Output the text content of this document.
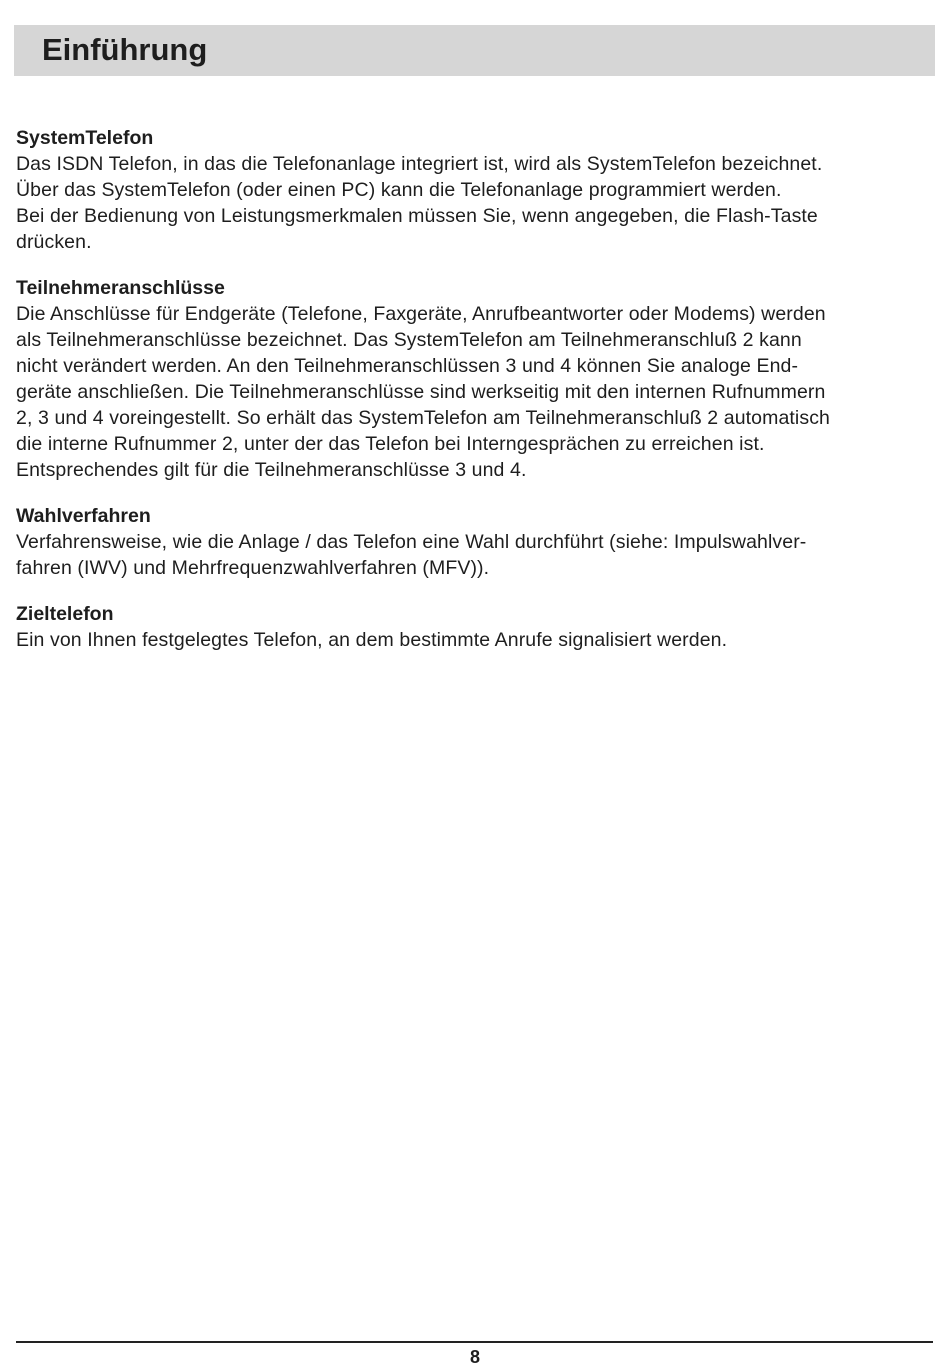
Einführung

SystemTelefon

Das ISDN Telefon, in das die Telefonanlage integriert ist, wird als SystemTelefon bezeichnet.
Über das SystemTelefon (oder einen PC) kann die Telefonanlage programmiert werden.
Bei der Bedienung von Leistungsmerkmalen müssen Sie, wenn angegeben, die Flash-Taste
drücken.

Teilnehmeranschlüsse

Die Anschlüsse für Endgeräte (Telefone, Faxgeräte, Anrufbeantworter oder Modems) werden
als Teilnehmeranschlüsse bezeichnet. Das SystemTelefon am Teilnehmeranschluß 2 kann
nicht verändert werden. An den Teilnehmeranschlüssen 3 und 4 können Sie analoge End-
geräte anschließen. Die Teilnehmeranschlüsse sind werkseitig mit den internen Rufnummern
2, 3 und 4 voreingestellt. So erhält das SystemTelefon am Teilnehmeranschluß 2 automatisch
die interne Rufnummer 2, unter der das Telefon bei Interngesprächen zu erreichen ist.
Entsprechendes gilt für die Teilnehmeranschlüsse 3 und 4.

Wahlverfahren

Verfahrensweise, wie die Anlage / das Telefon eine Wahl durchführt (siehe: Impulswahlver-
fahren (IWV) und Mehrfrequenzwahlverfahren (MFV)).

Zieltelefon

Ein von Ihnen festgelegtes Telefon, an dem bestimmte Anrufe signalisiert werden.

8
